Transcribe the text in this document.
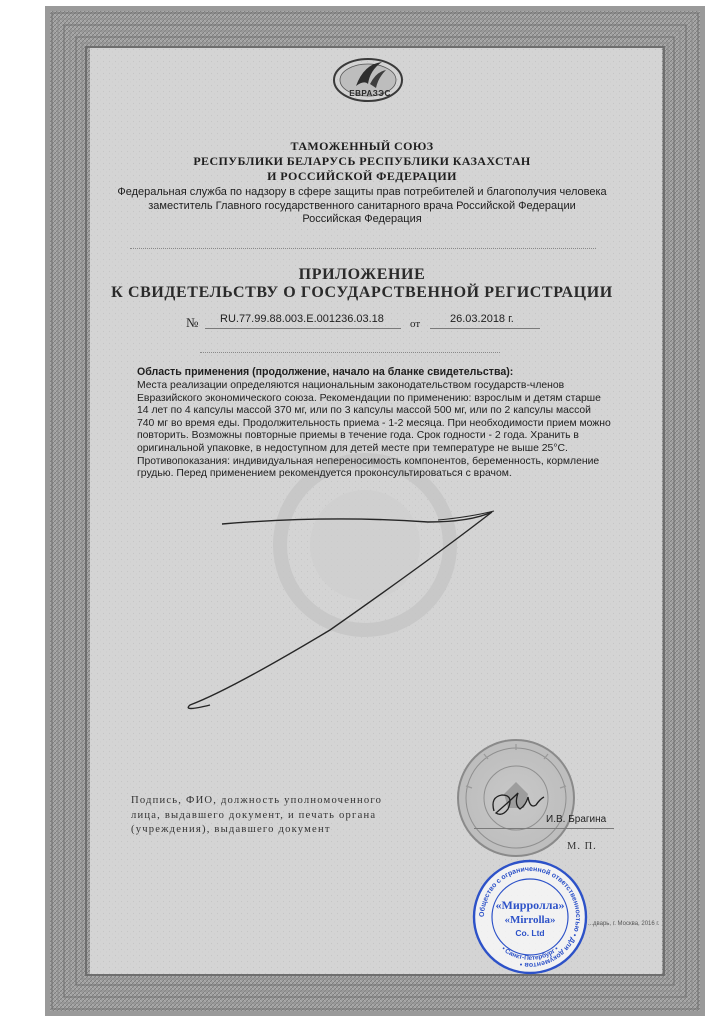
ЕВРАЗЭС
ТАМОЖЕННЫЙ СОЮЗ
РЕСПУБЛИКИ БЕЛАРУСЬ РЕСПУБЛИКИ КАЗАХСТАН
И РОССИЙСКОЙ ФЕДЕРАЦИИ
Федеральная служба по надзору в сфере защиты прав потребителей и благополучия человека
заместитель Главного государственного санитарного врача Российской Федерации
Российская Федерация
ПРИЛОЖЕНИЕ
К СВИДЕТЕЛЬСТВУ О ГОСУДАРСТВЕННОЙ РЕГИСТРАЦИИ
№ RU.77.99.88.003.Е.001236.03.18 от	26.03.2018 г.
Область применения (продолжение, начало на бланке свидетельства):
Места реализации определяются национальным законодательством государств-членов
Евразийского экономического союза. Рекомендации по применению: взрослым и детям старше
14 лет по 4 капсулы массой 370 мг, или по 3 капсулы массой 500 мг, или по 2 капсулы массой
740 мг во время еды. Продолжительность приема - 1-2 месяца. При необходимости прием можно
повторить. Возможны повторные приемы в течение года. Срок годности - 2 года. Хранить в
оригинальной упаковке, в недоступном для детей месте при температуре не выше 25°С.
Противопоказания: индивидуальная непереносимость компонентов, беременность, кормление
грудью. Перед применением рекомендуется проконсультироваться с врачом.
Подпись, ФИО, должность уполномоченного
лица, выдавшего документ, и печать органа
(учреждения), выдавшего документ
И.В. Брагина
М. П.
...дварь, г. Москва, 2016 г.
Общество с ограниченной ответственностью • Для документов •
«Мирролла»
«Mirrolla»
Co. Ltd
• Санкт-Петербург •
